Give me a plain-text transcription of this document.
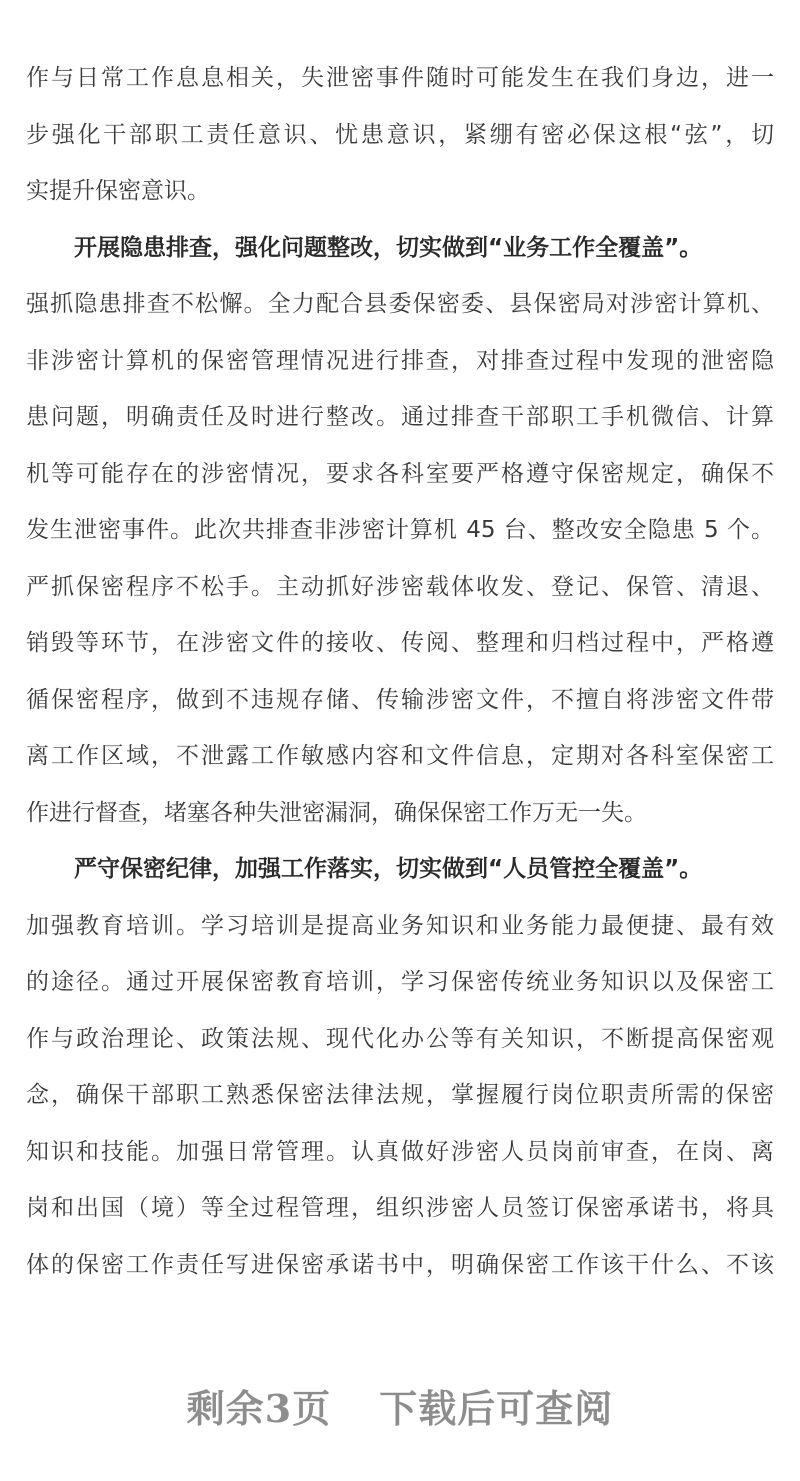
作与日常工作息息相关，失泄密事件随时可能发生在我们身边，进一
步强化干部职工责任意识、忧患意识，紧绷有密必保这根“弦”，切
实提升保密意识。
开展隐患排查，强化问题整改，切实做到“业务工作全覆盖”。
强抓隐患排查不松懈。全力配合县委保密委、县保密局对涉密计算机、
非涉密计算机的保密管理情况进行排查，对排查过程中发现的泄密隐
患问题，明确责任及时进行整改。通过排查干部职工手机微信、计算
机等可能存在的涉密情况，要求各科室要严格遵守保密规定，确保不
发生泄密事件。此次共排查非涉密计算机 45 台、整改安全隐患 5 个。
严抓保密程序不松手。主动抓好涉密载体收发、登记、保管、清退、
销毁等环节，在涉密文件的接收、传阅、整理和归档过程中，严格遵
循保密程序，做到不违规存储、传输涉密文件，不擅自将涉密文件带
离工作区域，不泄露工作敏感内容和文件信息，定期对各科室保密工
作进行督查，堵塞各种失泄密漏洞，确保保密工作万无一失。
严守保密纪律，加强工作落实，切实做到“人员管控全覆盖”。
加强教育培训。学习培训是提高业务知识和业务能力最便捷、最有效
的途径。通过开展保密教育培训，学习保密传统业务知识以及保密工
作与政治理论、政策法规、现代化办公等有关知识，不断提高保密观
念，确保干部职工熟悉保密法律法规，掌握履行岗位职责所需的保密
知识和技能。加强日常管理。认真做好涉密人员岗前审查，在岗、离
岗和出国（境）等全过程管理，组织涉密人员签订保密承诺书，将具
体的保密工作责任写进保密承诺书中，明确保密工作该干什么、不该
剩余3页 下载后可查阅
